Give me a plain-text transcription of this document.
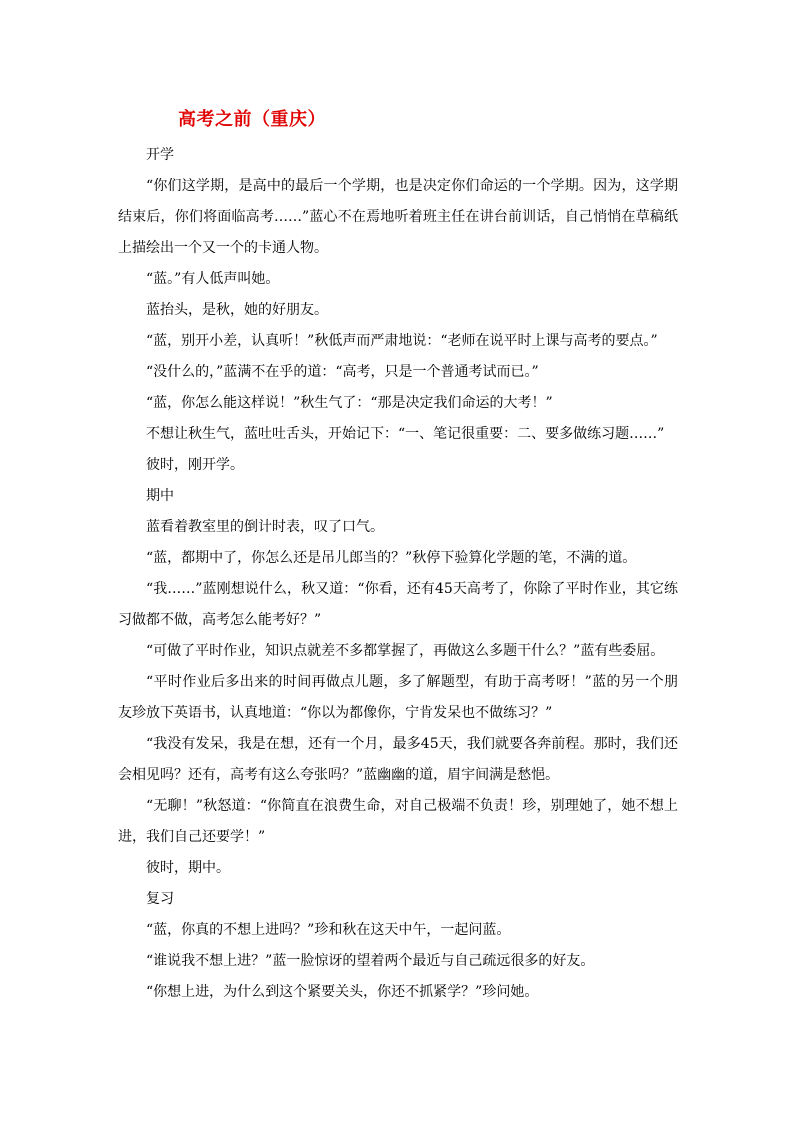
高考之前（重庆）

开学

“你们这学期，是高中的最后一个学期，也是决定你们命运的一个学期。因为，这学期结束后，你们将面临高考……”蓝心不在焉地听着班主任在讲台前训话，自己悄悄在草稿纸上描绘出一个又一个的卡通人物。

“蓝。”有人低声叫她。

蓝抬头，是秋，她的好朋友。

“蓝，别开小差，认真听！”秋低声而严肃地说：“老师在说平时上课与高考的要点。”

“没什么的，”蓝满不在乎的道：“高考，只是一个普通考试而已。”

“蓝，你怎么能这样说！”秋生气了：“那是决定我们命运的大考！”

不想让秋生气，蓝吐吐舌头，开始记下：“一、笔记很重要：二、要多做练习题……”

彼时，刚开学。

期中

蓝看着教室里的倒计时表，叹了口气。

“蓝，都期中了，你怎么还是吊儿郎当的？”秋停下验算化学题的笔，不满的道。

“我……”蓝刚想说什么，秋又道：“你看，还有45天高考了，你除了平时作业，其它练习做都不做，高考怎么能考好？”

“可做了平时作业，知识点就差不多都掌握了，再做这么多题干什么？”蓝有些委屈。

“平时作业后多出来的时间再做点儿题，多了解题型，有助于高考呀！”蓝的另一个朋友珍放下英语书，认真地道：“你以为都像你，宁肯发呆也不做练习？”

“我没有发呆，我是在想，还有一个月，最多45天，我们就要各奔前程。那时，我们还会相见吗？还有，高考有这么夸张吗？”蓝幽幽的道，眉宇间满是愁悒。

“无聊！”秋怒道：“你简直在浪费生命，对自己极端不负责！珍，别理她了，她不想上进，我们自己还要学！”

彼时，期中。

复习

“蓝，你真的不想上进吗？”珍和秋在这天中午，一起问蓝。

“谁说我不想上进？”蓝一脸惊讶的望着两个最近与自己疏远很多的好友。

“你想上进，为什么到这个紧要关头，你还不抓紧学？”珍问她。
